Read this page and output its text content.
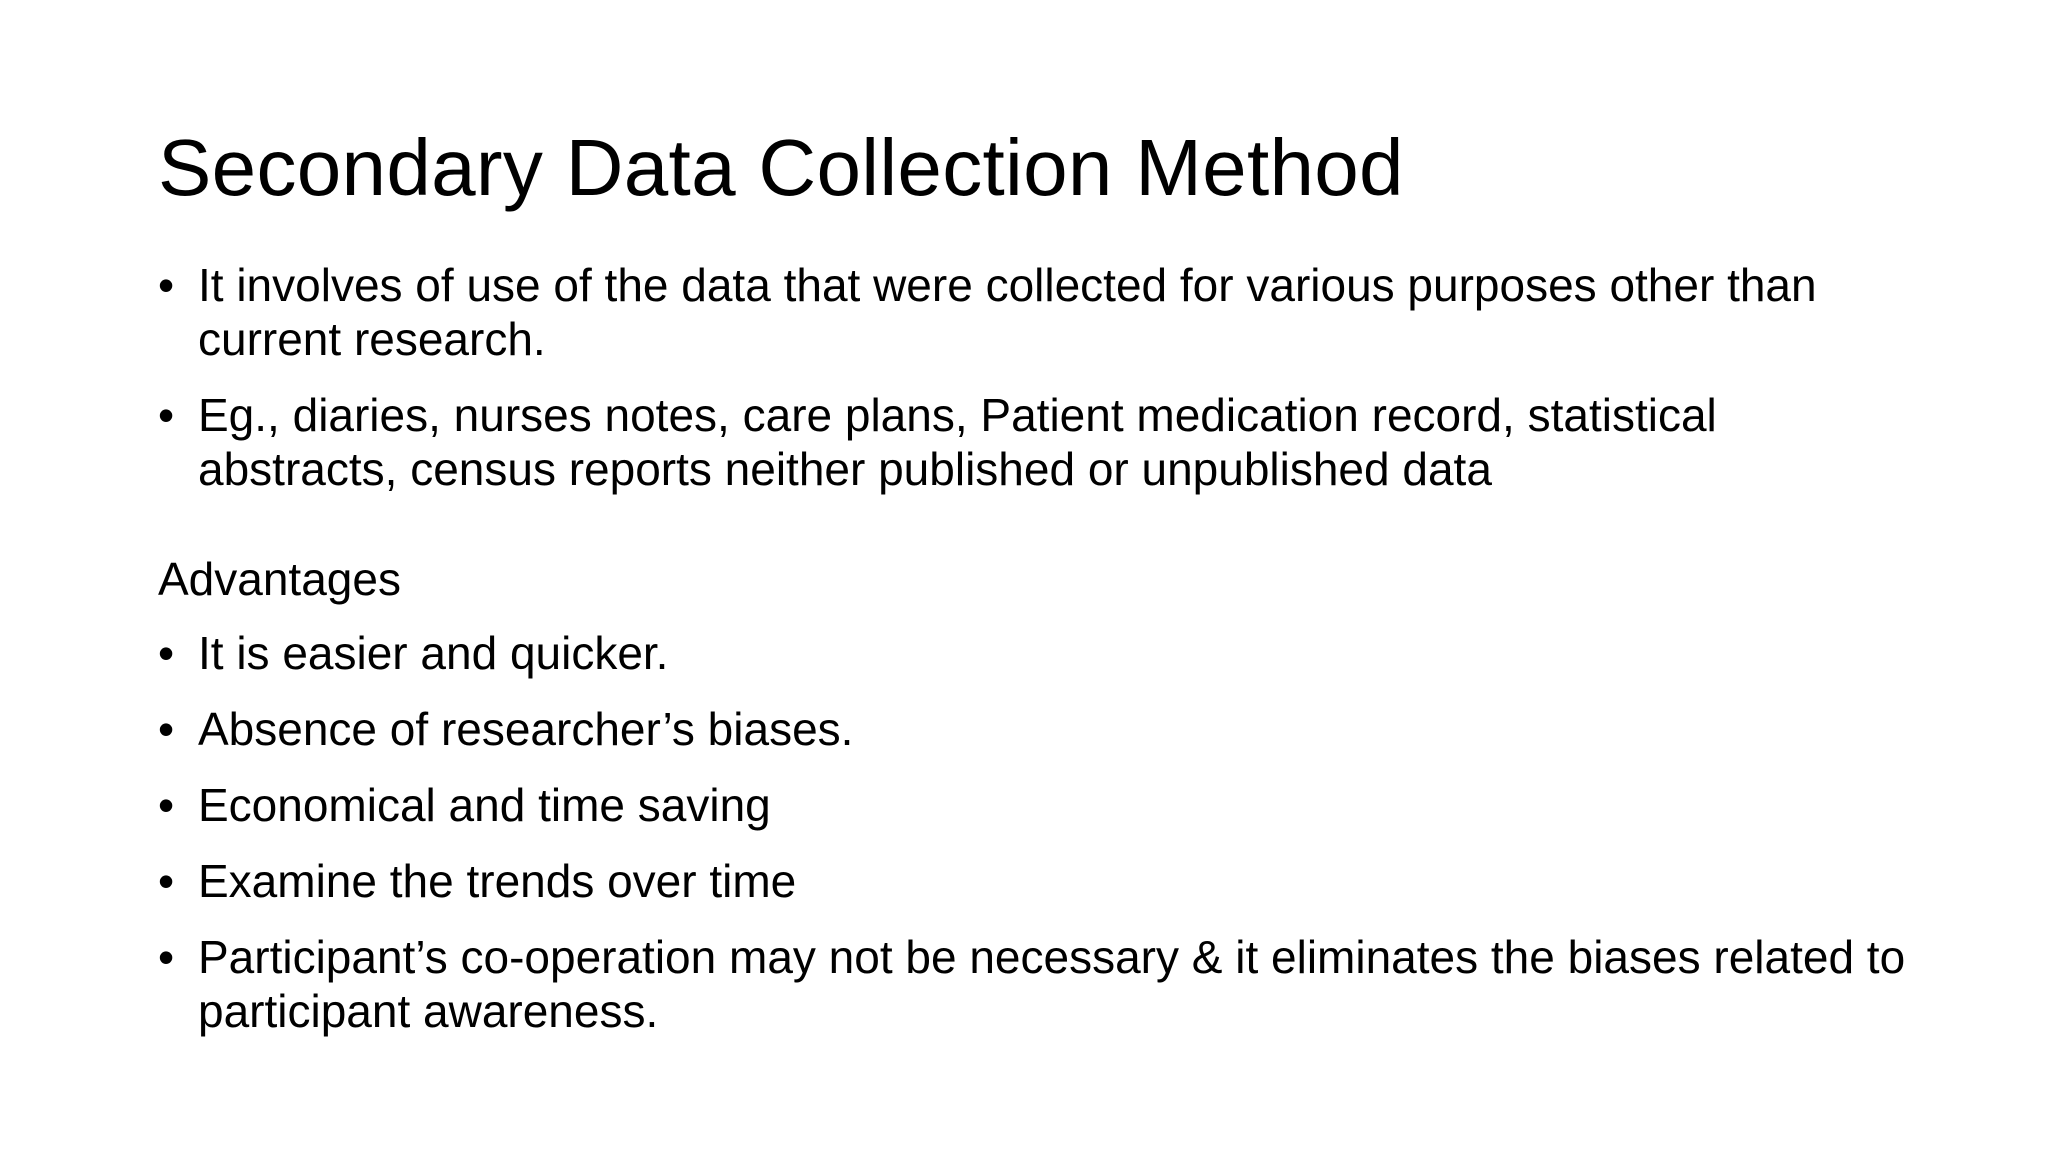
Secondary Data Collection Method
• It involves of use of the data that were collected for various purposes other than current research.
• Eg., diaries, nurses notes, care plans, Patient medication record, statistical abstracts, census reports neither published or unpublished data
Advantages
• It is easier and quicker.
• Absence of researcher’s biases.
• Economical and time saving
• Examine the trends over time
• Participant’s co-operation may not be necessary & it eliminates the biases related to participant awareness.
